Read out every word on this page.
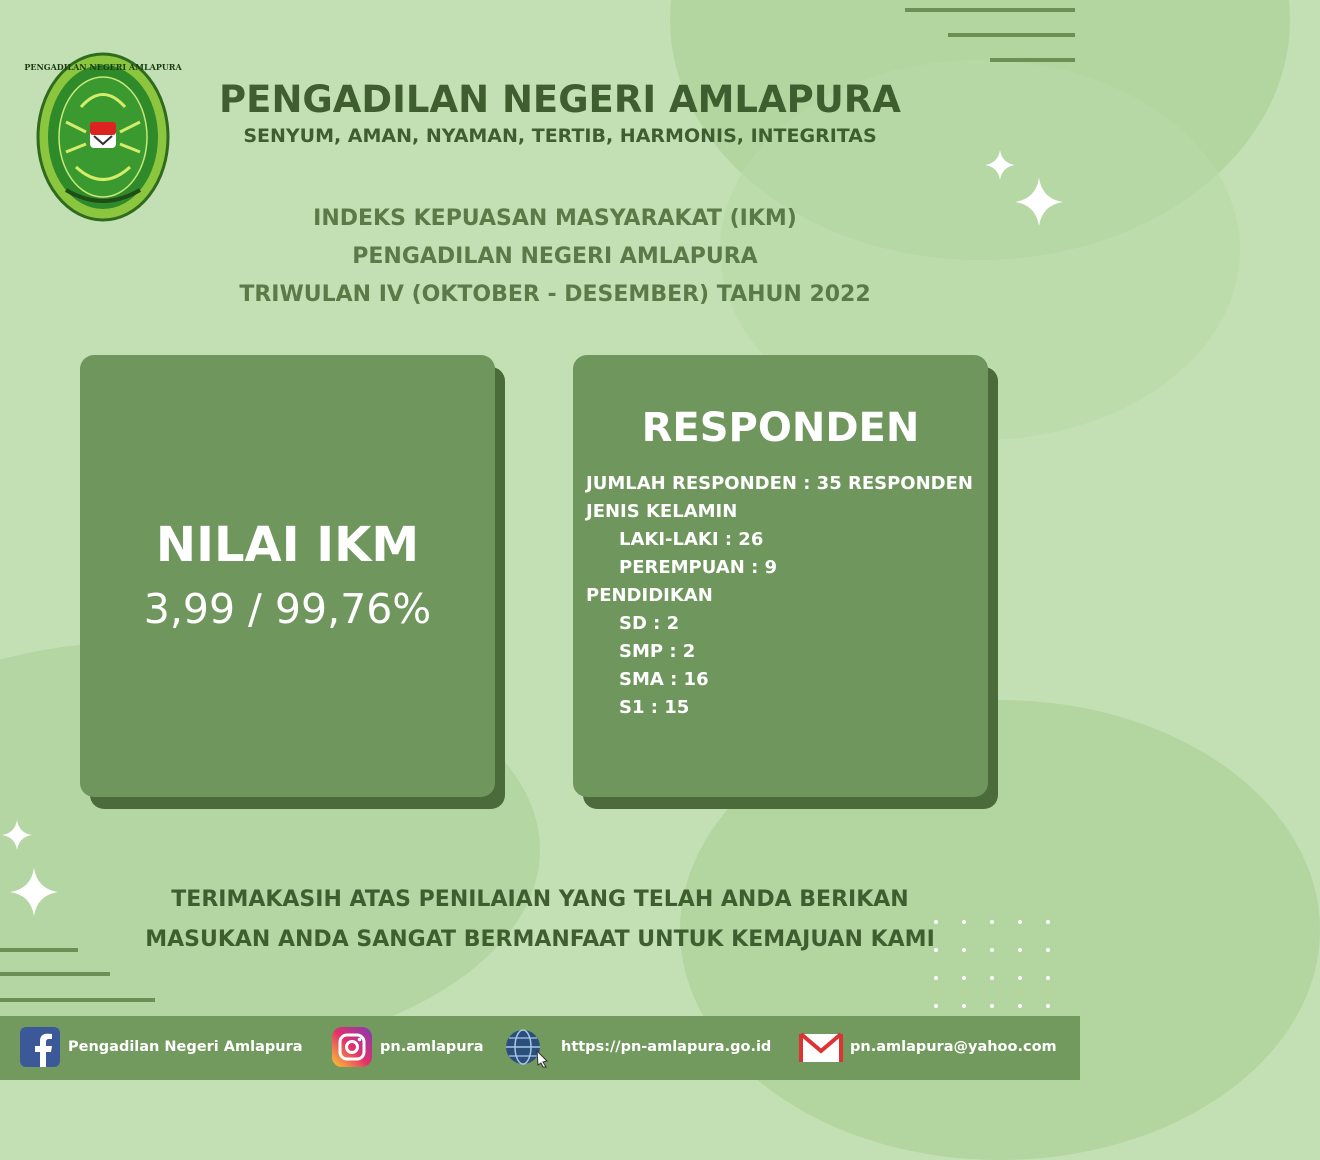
PENGADILAN NEGERI AMLAPURA
PENGADILAN NEGERI AMLAPURA
SENYUM, AMAN, NYAMAN, TERTIB, HARMONIS, INTEGRITAS
INDEKS KEPUASAN MASYARAKAT (IKM)
PENGADILAN NEGERI AMLAPURA
TRIWULAN IV (OKTOBER - DESEMBER) TAHUN 2022
NILAI IKM
3,99 / 99,76%
RESPONDEN
JUMLAH RESPONDEN : 35 RESPONDEN
JENIS KELAMIN
LAKI-LAKI : 26
PEREMPUAN : 9
PENDIDIKAN
SD : 2
SMP : 2
SMA : 16
S1 : 15
TERIMAKASIH ATAS PENILAIAN YANG TELAH ANDA BERIKAN
MASUKAN ANDA SANGAT BERMANFAAT UNTUK KEMAJUAN KAMI
Pengadilan Negeri Amlapura	pn.amlapura	https://pn-amlapura.go.id	pn.amlapura@yahoo.com
